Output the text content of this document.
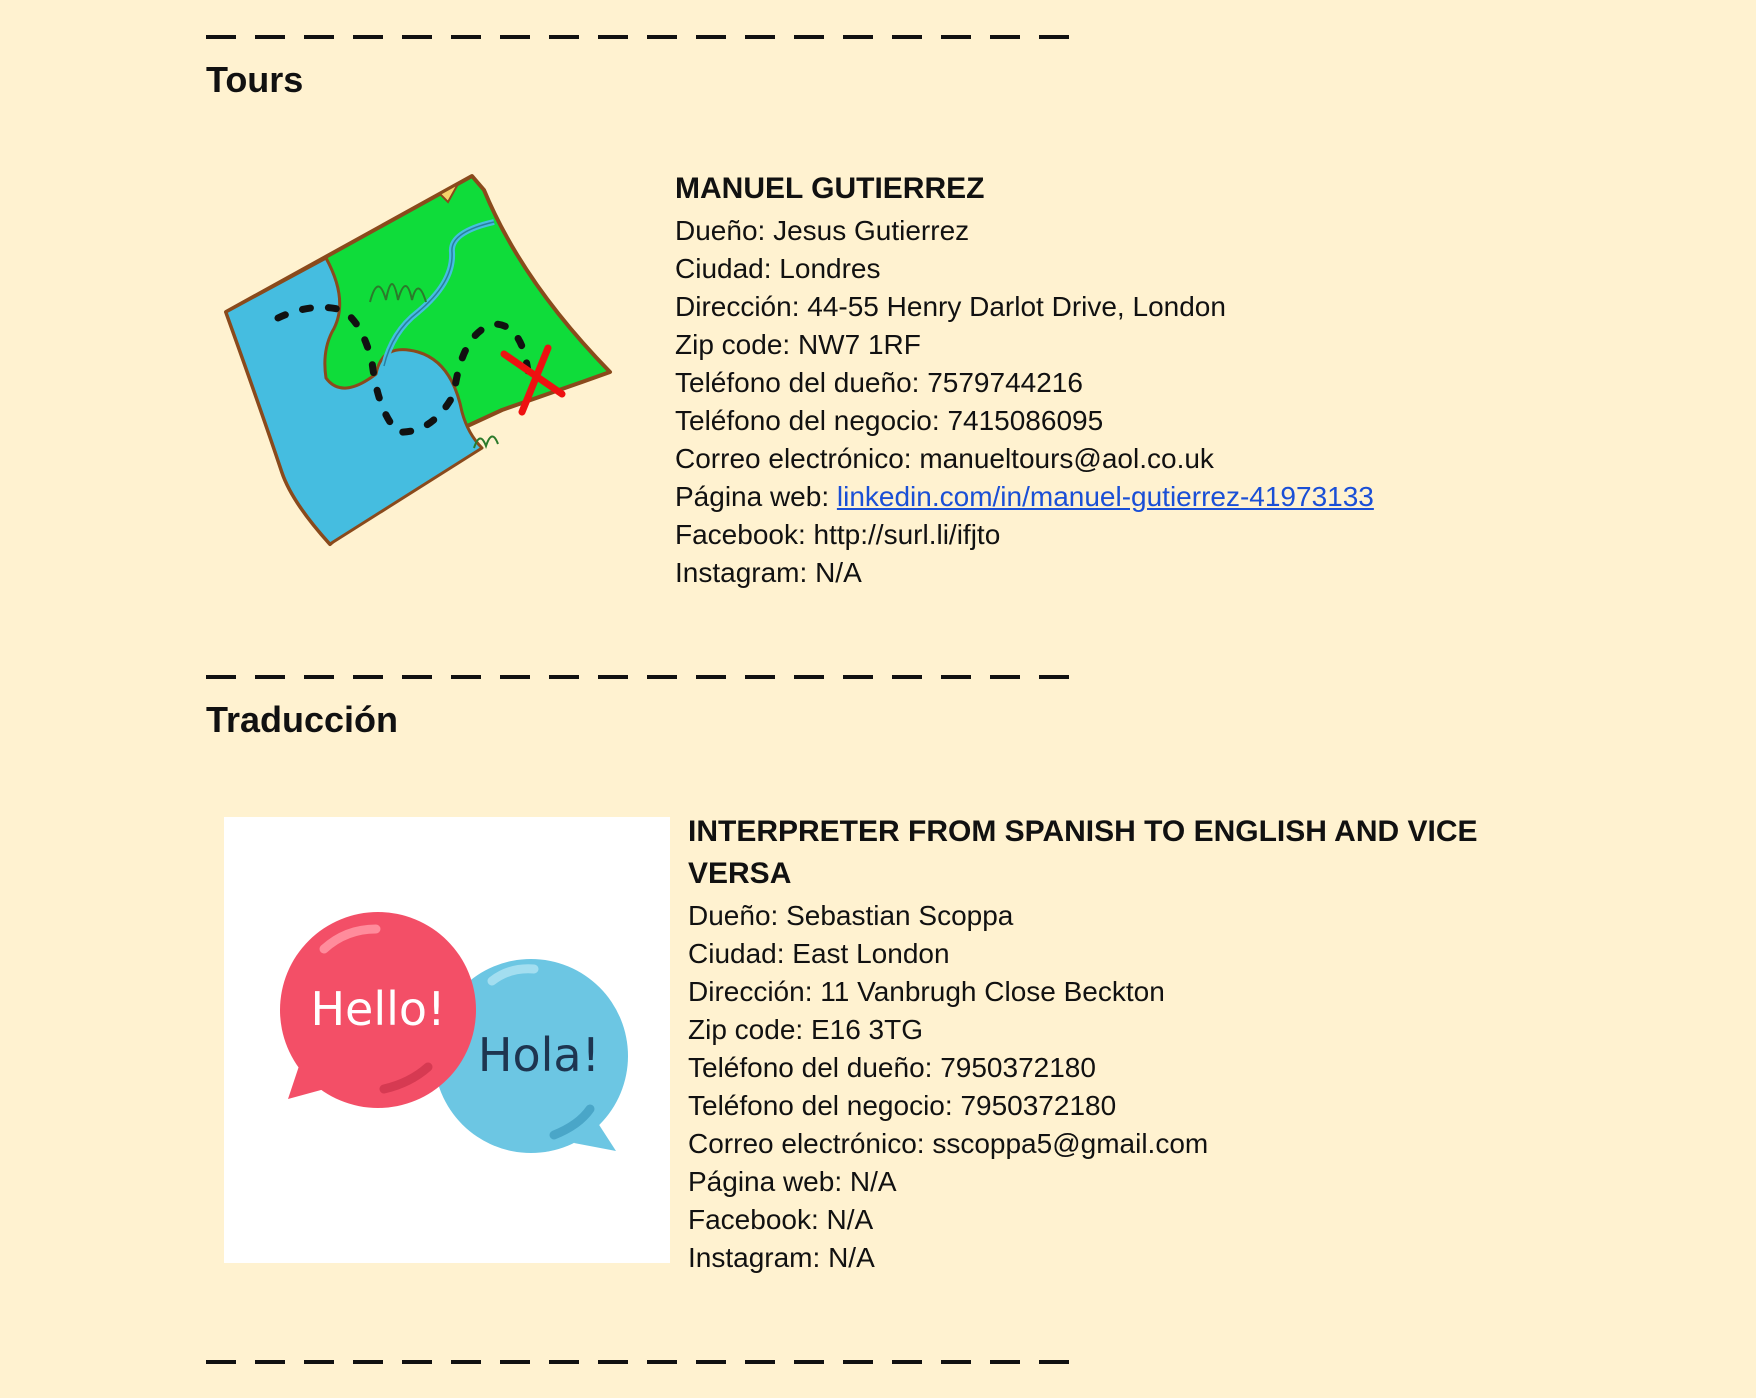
Tours
MANUEL GUTIERREZ
Dueño: Jesus Gutierrez
Ciudad: Londres
Dirección: 44-55 Henry Darlot Drive, London
Zip code: NW7 1RF
Teléfono del dueño: 7579744216
Teléfono del negocio: 7415086095
Correo electrónico: manueltours@aol.co.uk
Página web: linkedin.com/in/manuel-gutierrez-41973133
Facebook: http://surl.li/ifjto
Instagram: N/A
Traducción
Hello!
Hola!
INTERPRETER FROM SPANISH TO ENGLISH AND VICE
VERSA
Dueño: Sebastian Scoppa
Ciudad: East London
Dirección: 11 Vanbrugh Close Beckton
Zip code: E16 3TG
Teléfono del dueño: 7950372180
Teléfono del negocio: 7950372180
Correo electrónico: sscoppa5@gmail.com
Página web: N/A
Facebook: N/A
Instagram: N/A
